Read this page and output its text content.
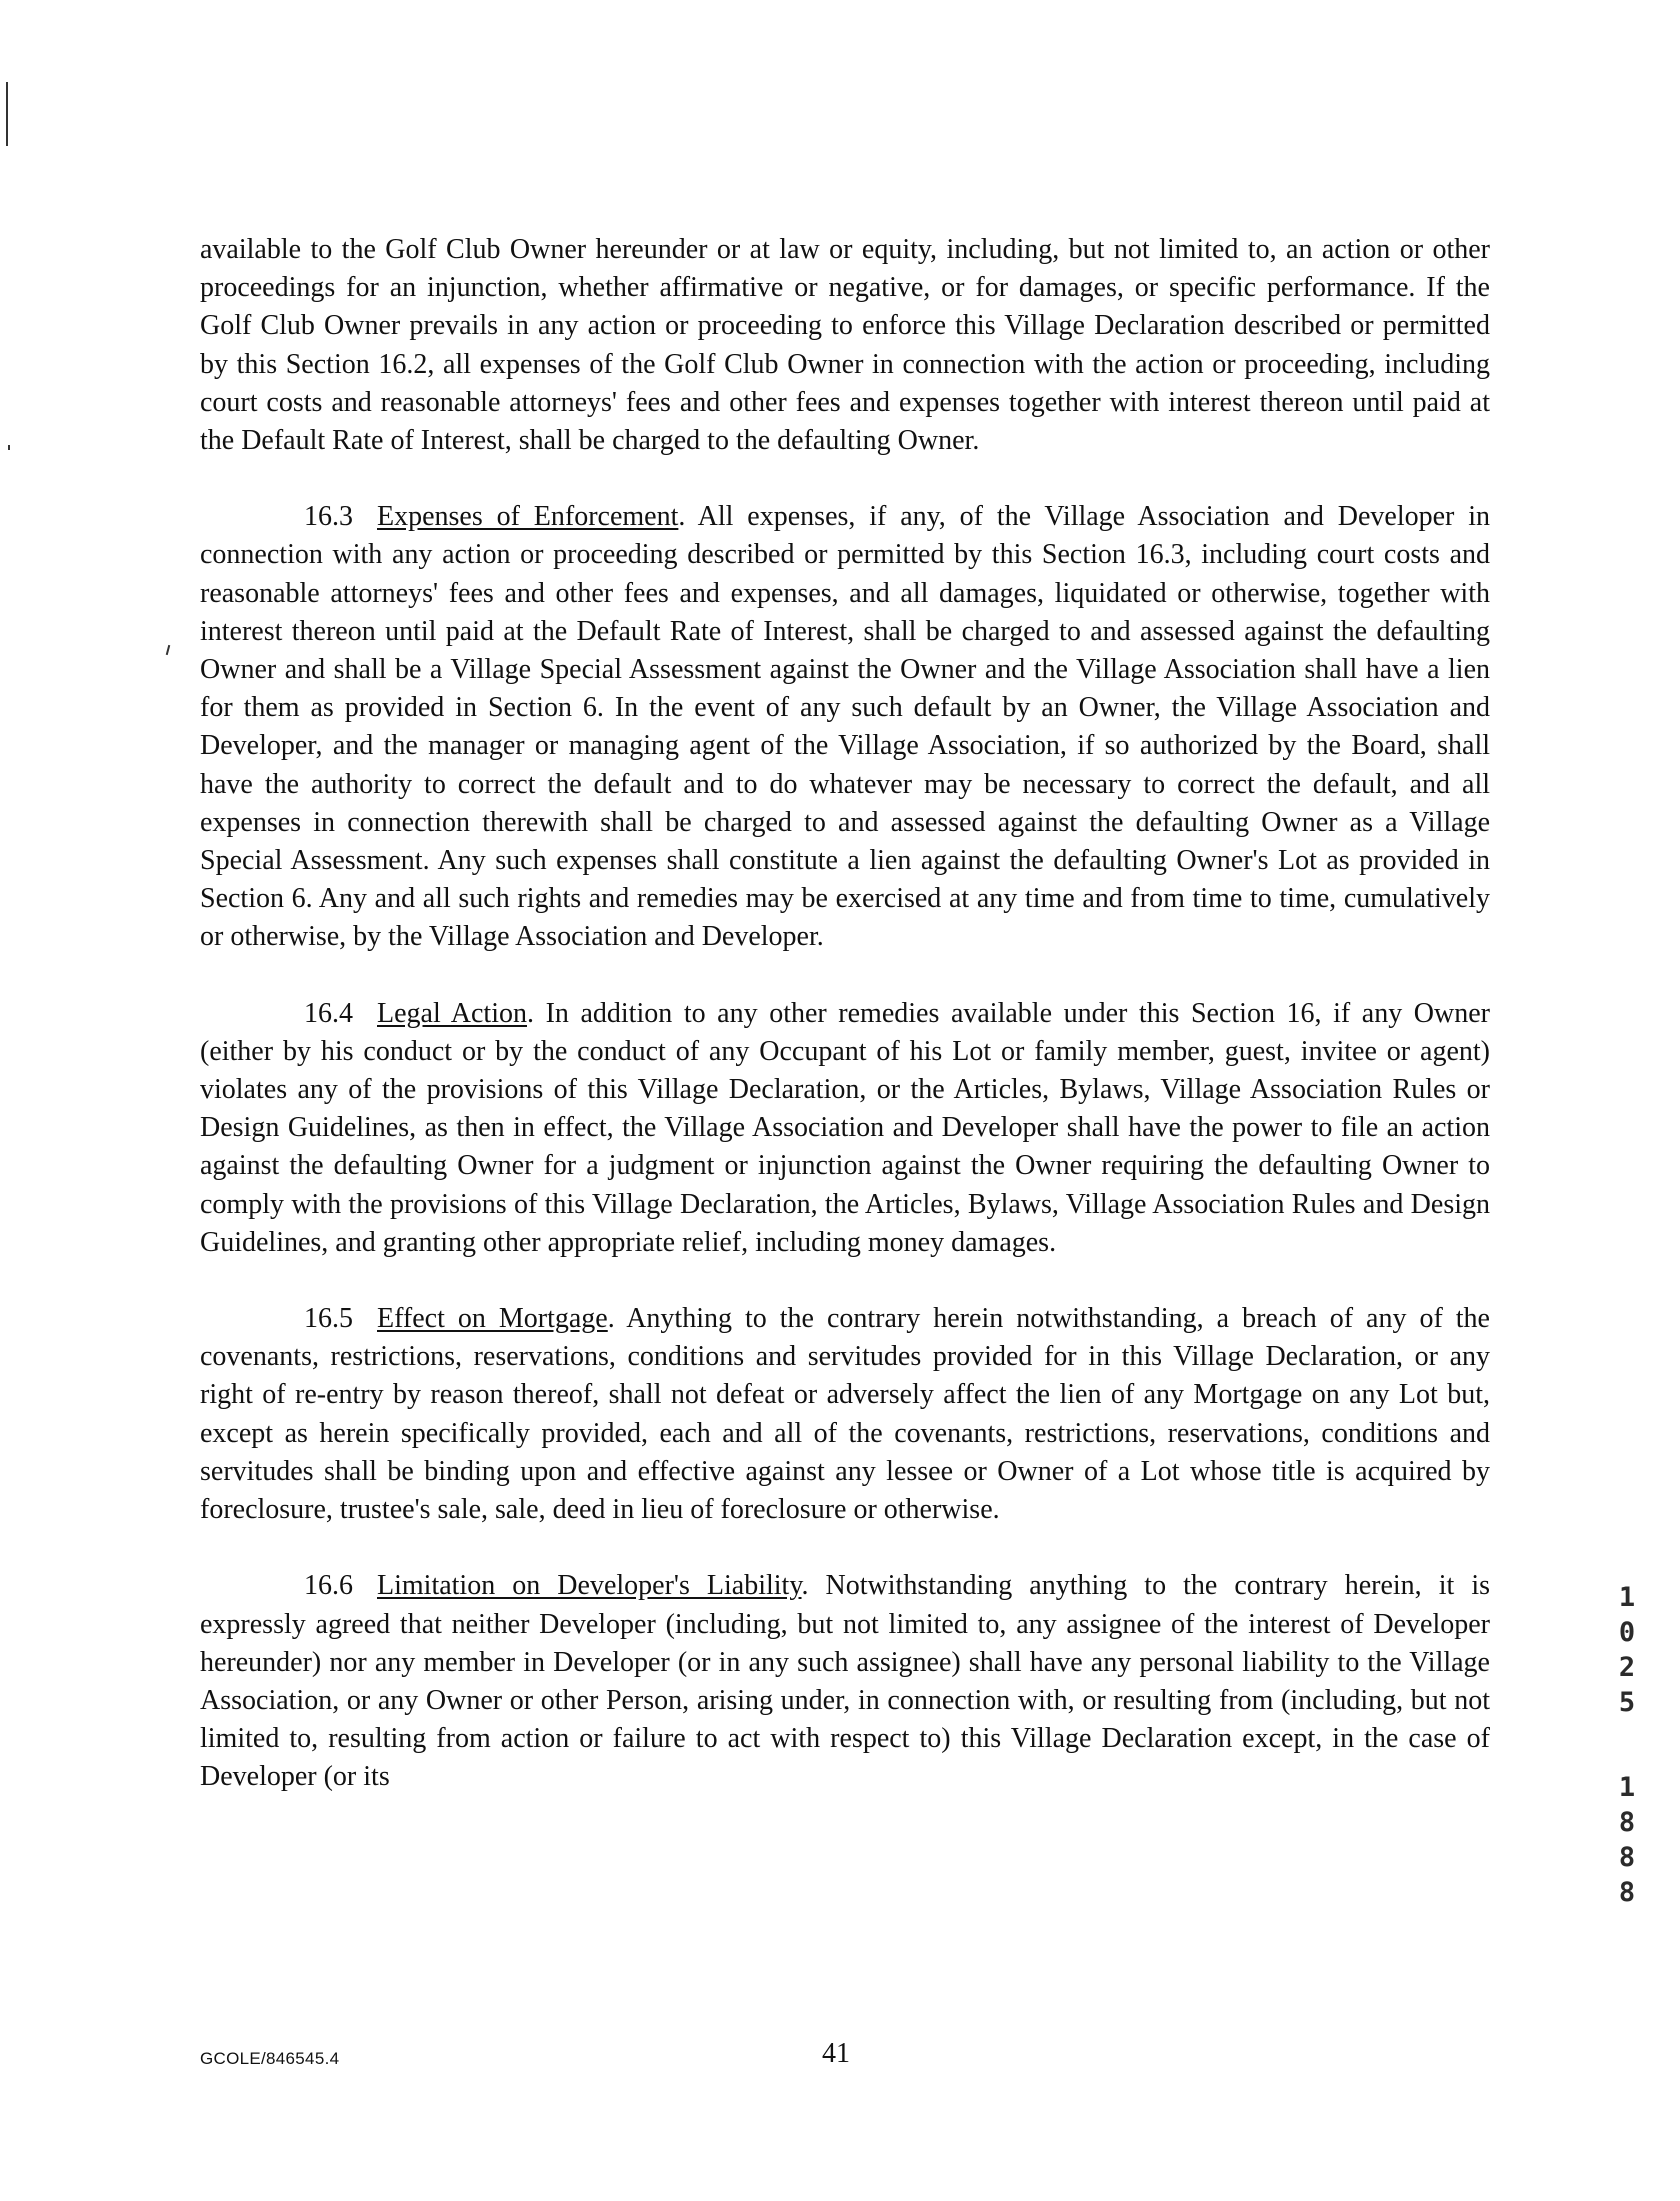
available to the Golf Club Owner hereunder or at law or equity, including, but not limited to, an action or other proceedings for an injunction, whether affirmative or negative, or for damages, or specific performance. If the Golf Club Owner prevails in any action or proceeding to enforce this Village Declaration described or permitted by this Section 16.2, all expenses of the Golf Club Owner in connection with the action or proceeding, including court costs and reasonable attorneys' fees and other fees and expenses together with interest thereon until paid at the Default Rate of Interest, shall be charged to the defaulting Owner.

16.3 Expenses of Enforcement. All expenses, if any, of the Village Association and Developer in connection with any action or proceeding described or permitted by this Section 16.3, including court costs and reasonable attorneys' fees and other fees and expenses, and all damages, liquidated or otherwise, together with interest thereon until paid at the Default Rate of Interest, shall be charged to and assessed against the defaulting Owner and shall be a Village Special Assessment against the Owner and the Village Association shall have a lien for them as provided in Section 6. In the event of any such default by an Owner, the Village Association and Developer, and the manager or managing agent of the Village Association, if so authorized by the Board, shall have the authority to correct the default and to do whatever may be necessary to correct the default, and all expenses in connection therewith shall be charged to and assessed against the defaulting Owner as a Village Special Assessment. Any such expenses shall constitute a lien against the defaulting Owner's Lot as provided in Section 6. Any and all such rights and remedies may be exercised at any time and from time to time, cumulatively or otherwise, by the Village Association and Developer.

16.4 Legal Action. In addition to any other remedies available under this Section 16, if any Owner (either by his conduct or by the conduct of any Occupant of his Lot or family member, guest, invitee or agent) violates any of the provisions of this Village Declaration, or the Articles, Bylaws, Village Association Rules or Design Guidelines, as then in effect, the Village Association and Developer shall have the power to file an action against the defaulting Owner for a judgment or injunction against the Owner requiring the defaulting Owner to comply with the provisions of this Village Declaration, the Articles, Bylaws, Village Association Rules and Design Guidelines, and granting other appropriate relief, including money damages.

16.5 Effect on Mortgage. Anything to the contrary herein notwithstanding, a breach of any of the covenants, restrictions, reservations, conditions and servitudes provided for in this Village Declaration, or any right of re-entry by reason thereof, shall not defeat or adversely affect the lien of any Mortgage on any Lot but, except as herein specifically provided, each and all of the covenants, restrictions, reservations, conditions and servitudes shall be binding upon and effective against any lessee or Owner of a Lot whose title is acquired by foreclosure, trustee's sale, sale, deed in lieu of foreclosure or otherwise.

16.6 Limitation on Developer's Liability. Notwithstanding anything to the contrary herein, it is expressly agreed that neither Developer (including, but not limited to, any assignee of the interest of Developer hereunder) nor any member in Developer (or in any such assignee) shall have any personal liability to the Village Association, or any Owner or other Person, arising under, in connection with, or resulting from (including, but not limited to, resulting from action or failure to act with respect to) this Village Declaration except, in the case of Developer (or its

1
0
2
5
1
8
8
8
GCOLE/846545.4	41
